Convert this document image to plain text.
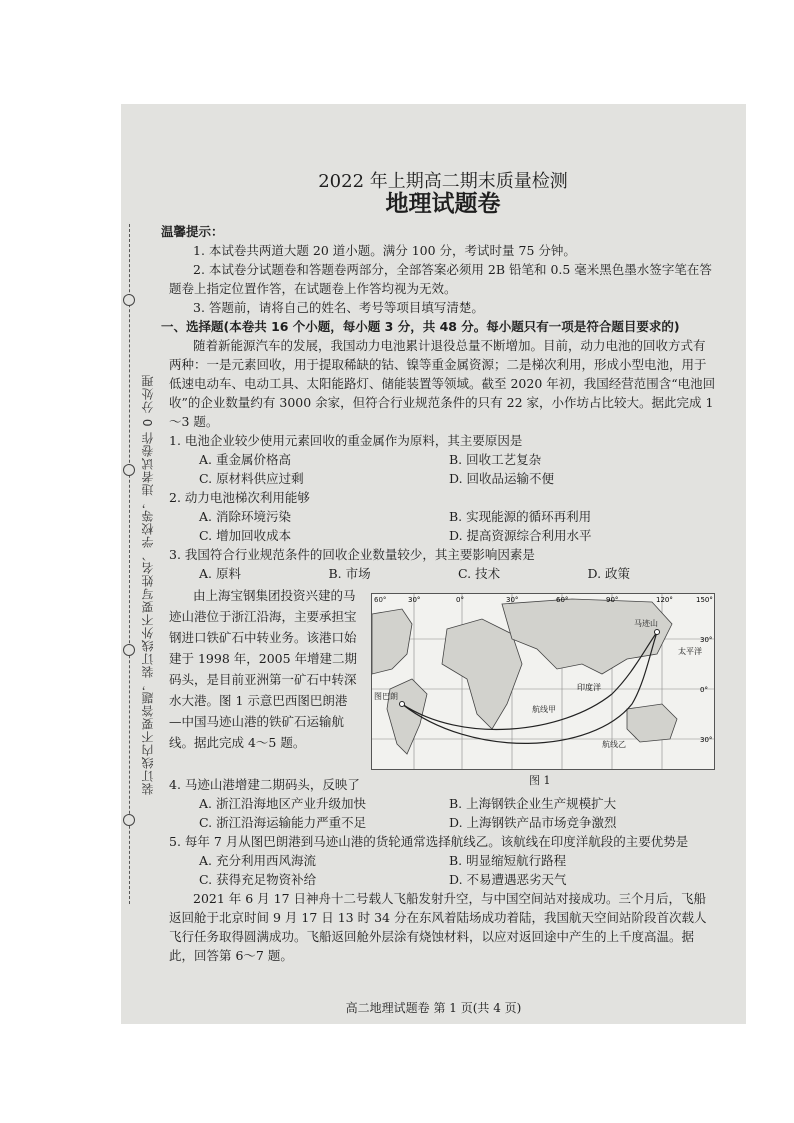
装订线内不要答题，装订线外不要写姓名、学校等，违者试卷作 0 分处理
2022 年上期高二期末质量检测
地理试题卷
温馨提示：

1. 本试卷共两道大题 20 道小题。满分 100 分，考试时量 75 分钟。

2. 本试卷分试题卷和答题卷两部分，全部答案必须用 2B 铅笔和 0.5 毫米黑色墨水签字笔在答题卷上指定位置作答，在试题卷上作答均视为无效。

3. 答题前，请将自己的姓名、考号等项目填写清楚。

一、选择题(本卷共 16 个小题，每小题 3 分，共 48 分。每小题只有一项是符合题目要求的)

随着新能源汽车的发展，我国动力电池累计退役总量不断增加。目前，动力电池的回收方式有两种：一是元素回收，用于提取稀缺的钴、镍等重金属资源；二是梯次利用，形成小型电池，用于低速电动车、电动工具、太阳能路灯、储能装置等领域。截至 2020 年初，我国经营范围含“电池回收”的企业数量约有 3000 余家，但符合行业规范条件的只有 22 家，小作坊占比较大。据此完成 1～3 题。

1. 电池企业较少使用元素回收的重金属作为原料，其主要原因是

A. 重金属价格高	B. 回收工艺复杂
C. 原材料供应过剩	D. 回收品运输不便

2. 动力电池梯次利用能够

A. 消除环境污染	B. 实现能源的循环再利用
C. 增加回收成本	D. 提高资源综合利用水平

3. 我国符合行业规范条件的回收企业数量较少，其主要影响因素是

A. 原料	B. 市场	C. 技术	D. 政策

由上海宝钢集团投资兴建的马迹山港位于浙江沿海，主要承担宝钢进口铁矿石中转业务。该港口始建于 1998 年，2005 年增建二期码头，是目前亚洲第一矿石中转深水大港。图 1 示意巴西图巴朗港—中国马迹山港的铁矿石运输航线。据此完成 4～5 题。

60°
图巴朗
马迹山
航线甲
航线乙
30°	0°	30°	60°	90°	120°	150°
30°
0°
30°
太平洋
印度洋
图 1

4. 马迹山港增建二期码头，反映了

A. 浙江沿海地区产业升级加快	B. 上海钢铁企业生产规模扩大
C. 浙江沿海运输能力严重不足	D. 上海钢铁产品市场竞争激烈

5. 每年 7 月从图巴朗港到马迹山港的货轮通常选择航线乙。该航线在印度洋航段的主要优势是

A. 充分利用西风海流	B. 明显缩短航行路程
C. 获得充足物资补给	D. 不易遭遇恶劣天气

2021 年 6 月 17 日神舟十二号载人飞船发射升空，与中国空间站对接成功。三个月后，飞船返回舱于北京时间 9 月 17 日 13 时 34 分在东风着陆场成功着陆，我国航天空间站阶段首次载人飞行任务取得圆满成功。飞船返回舱外层涂有烧蚀材料，以应对返回途中产生的上千度高温。据此，回答第 6～7 题。

高二地理试题卷 第 1 页(共 4 页)
